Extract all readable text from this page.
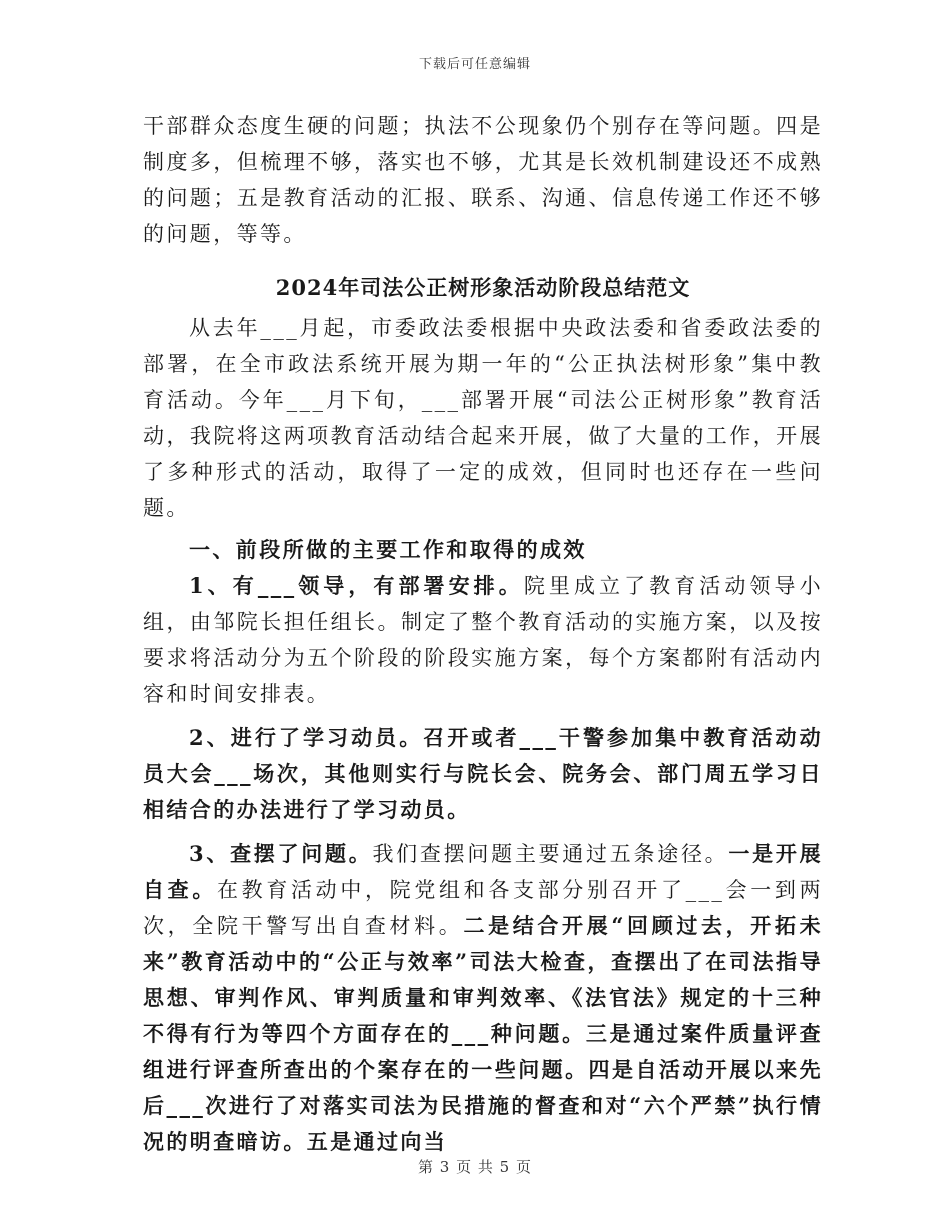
下载后可任意编辑

干部群众态度生硬的问题；执法不公现象仍个别存在等问题。四是制度多，但梳理不够，落实也不够，尤其是长效机制建设还不成熟的问题；五是教育活动的汇报、联系、沟通、信息传递工作还不够的问题，等等。

2024年司法公正树形象活动阶段总结范文

从去年___月起，市委政法委根据中央政法委和省委政法委的部署，在全市政法系统开展为期一年的“公正执法树形象”集中教育活动。今年___月下旬，___部署开展“司法公正树形象”教育活动，我院将这两项教育活动结合起来开展，做了大量的工作，开展了多种形式的活动，取得了一定的成效，但同时也还存在一些问题。

一、前段所做的主要工作和取得的成效

1、有___领导，有部署安排。院里成立了教育活动领导小组，由邹院长担任组长。制定了整个教育活动的实施方案，以及按要求将活动分为五个阶段的阶段实施方案，每个方案都附有活动内容和时间安排表。

2、进行了学习动员。召开或者___干警参加集中教育活动动员大会___场次，其他则实行与院长会、院务会、部门周五学习日相结合的办法进行了学习动员。

3、查摆了问题。我们查摆问题主要通过五条途径。一是开展自查。在教育活动中，院党组和各支部分别召开了___会一到两次，全院干警写出自查材料。二是结合开展“回顾过去，开拓未来”教育活动中的“公正与效率”司法大检查，查摆出了在司法指导思想、审判作风、审判质量和审判效率、《法官法》规定的十三种不得有行为等四个方面存在的___种问题。三是通过案件质量评查组进行评查所查出的个案存在的一些问题。四是自活动开展以来先后___次进行了对落实司法为民措施的督查和对“六个严禁”执行情况的明查暗访。五是通过向当

第 3 页 共 5 页
